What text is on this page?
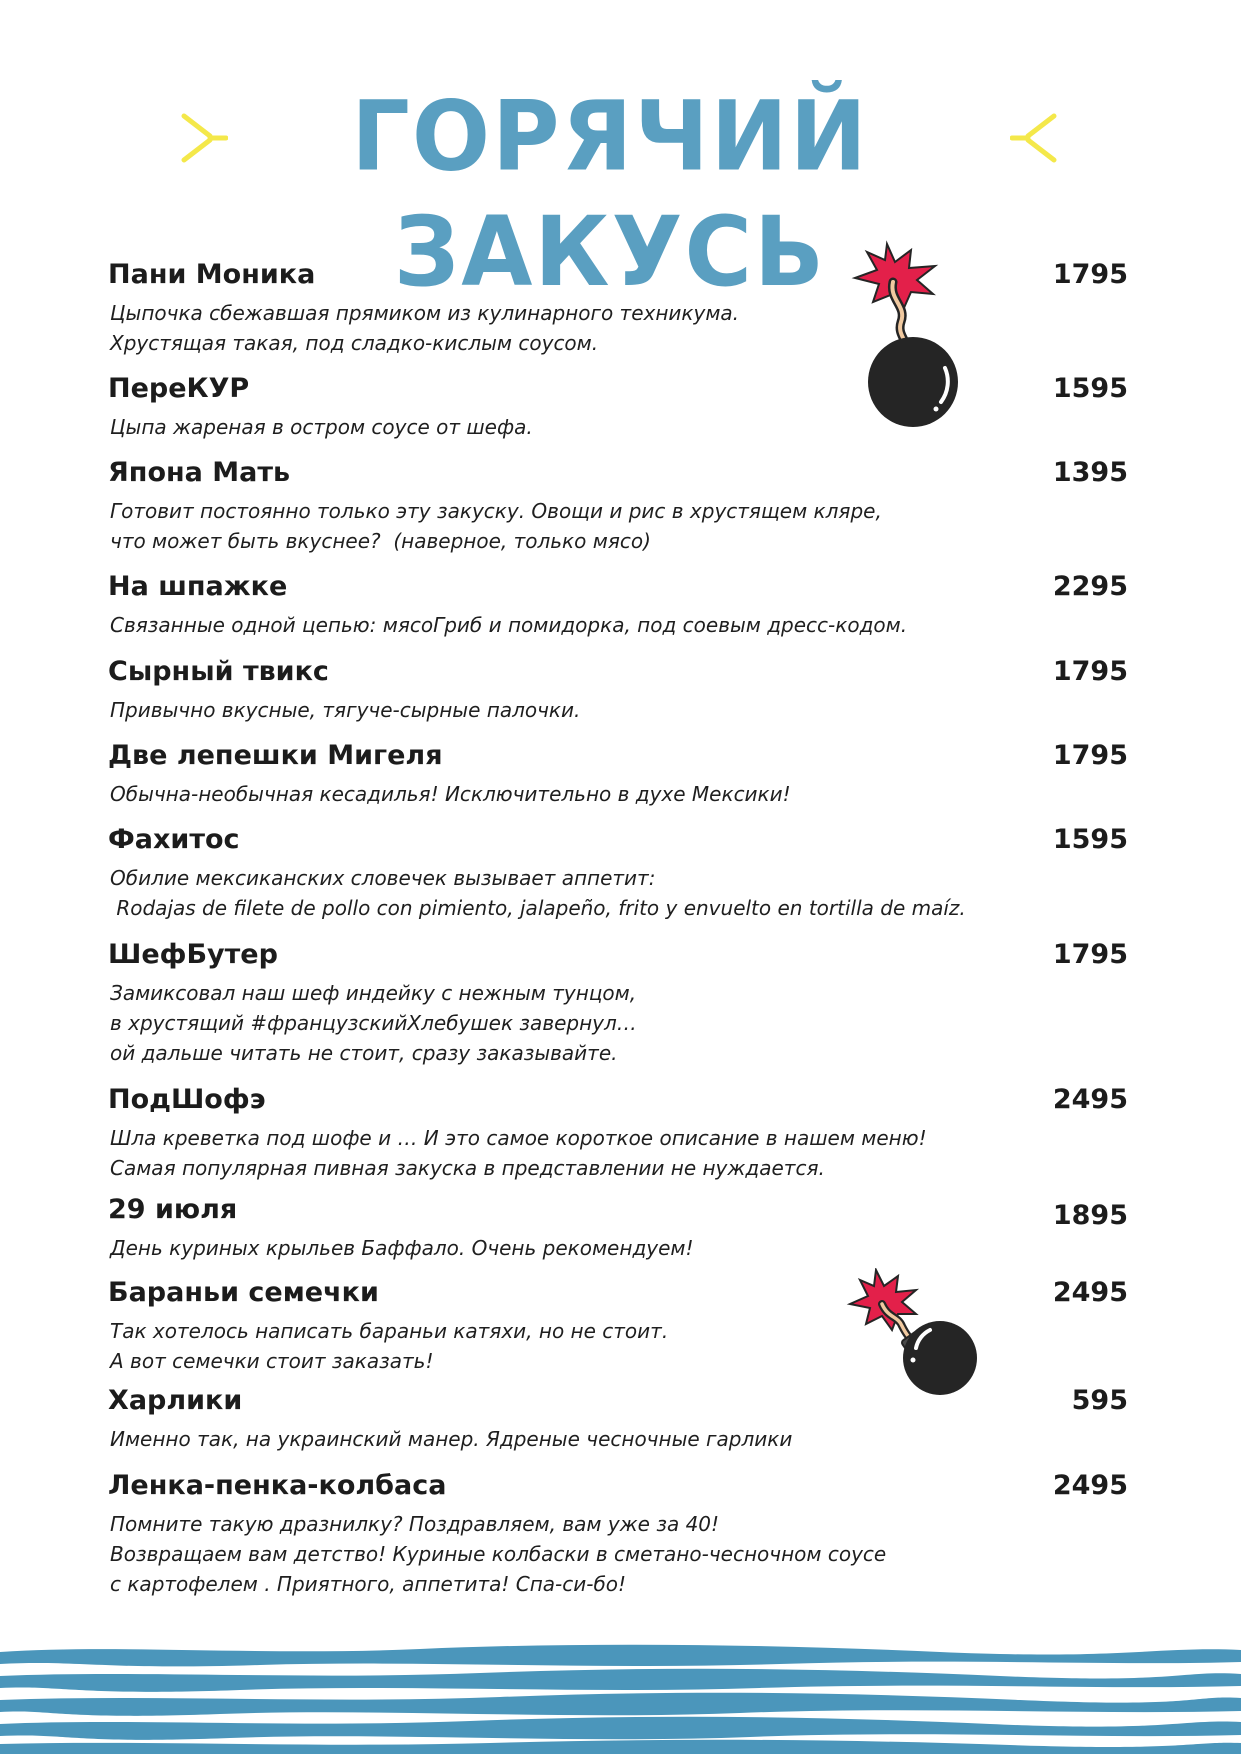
ГОРЯЧИЙ ЗАКУСЬ
Пани Моника	1795
Цыпочка сбежавшая прямиком из кулинарного техникума.
Хрустящая такая, под сладко-кислым соусом.
ПереКУР	1595
Цыпа жареная в остром соусе от шефа.
Япона Мать	1395
Готовит постоянно только эту закуску. Овощи и рис в хрустящем кляре,
что может быть вкуснее?  (наверное, только мясо)
На шпажке	2295
Связанные одной цепью: мясоГриб и помидорка, под соевым дресс-кодом.
Сырный твикс	1795
Привычно вкусные, тягуче-сырные палочки.
Две лепешки Мигеля	1795
Обычна-необычная кесадилья! Исключительно в духе Мексики!
Фахитос	1595
Обилие мексиканских словечек вызывает аппетит:
Rodajas de filete de pollo con pimiento, jalapeño, frito y envuelto en tortilla de maíz.
ШефБутер	1795
Замиксовал наш шеф индейку с нежным тунцом,
в хрустящий #французскийХлебушек завернул…
ой дальше читать не стоит, сразу заказывайте.
ПодШофэ	2495
Шла креветка под шофе и … И это самое короткое описание в нашем меню!
Самая популярная пивная закуска в представлении не нуждается.
29 июля	1895
День куриных крыльев Баффало. Очень рекомендуем!
Бараньи семечки	2495
Так хотелось написать бараньи катяхи, но не стоит.
А вот семечки стоит заказать!
Харлики	595
Именно так, на украинский манер. Ядреные чесночные гарлики
Ленка-пенка-колбаса	2495
Помните такую дразнилку? Поздравляем, вам уже за 40!
Возвращаем вам детство! Куриные колбаски в сметано-чесночном соусе
с картофелем . Приятного, аппетита! Спа-си-бо!
